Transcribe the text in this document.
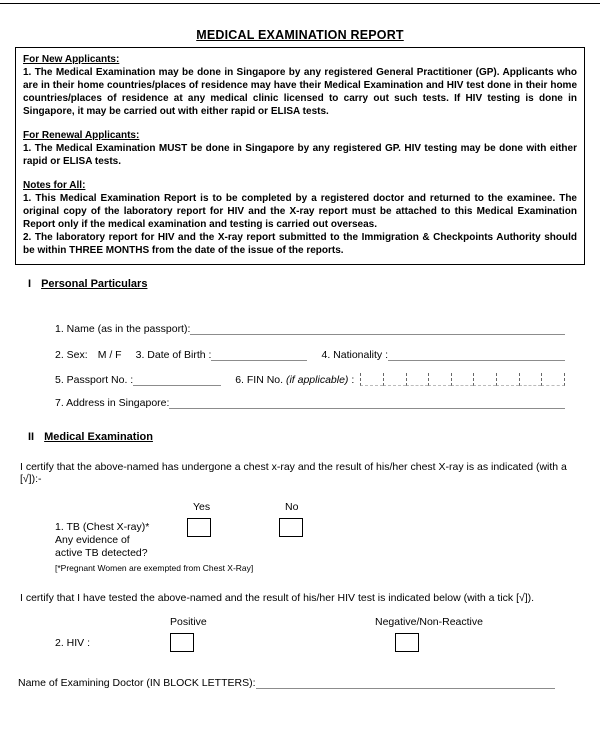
MEDICAL EXAMINATION REPORT
For New Applicants:
1. The Medical Examination may be done in Singapore by any registered General Practitioner (GP). Applicants who are in their home countries/places of residence may have their Medical Examination and HIV test done in their home countries/places of residence at any medical clinic licensed to carry out such tests. If HIV testing is done in Singapore, it may be carried out with either rapid or ELISA tests.
For Renewal Applicants:
1. The Medical Examination MUST be done in Singapore by any registered GP. HIV testing may be done with either rapid or ELISA tests.
Notes for All:
1. This Medical Examination Report is to be completed by a registered doctor and returned to the examinee. The original copy of the laboratory report for HIV and the X-ray report must be attached to this Medical Examination Report only if the medical examination and testing is carried out overseas.
2. The laboratory report for HIV and the X-ray report submitted to the Immigration & Checkpoints Authority should be within THREE MONTHS from the date of the issue of the reports.
I Personal Particulars
1. Name (as in the passport):
2. Sex: M / F 3. Date of Birth :	4. Nationality :
5. Passport No. :	6. FIN No. (if applicable) :
7. Address in Singapore:
II Medical Examination
I certify that the above-named has undergone a chest x-ray and the result of his/her chest X-ray is as indicated (with a [√]):-
1. TB (Chest X-ray)*
Any evidence of
active TB detected?
[*Pregnant Women are exempted from Chest X-Ray]
Yes	No
I certify that I have tested the above-named and the result of his/her HIV test is indicated below (with a tick [√]).
Positive	Negative/Non-Reactive
2. HIV :
Name of Examining Doctor (IN BLOCK LETTERS):
